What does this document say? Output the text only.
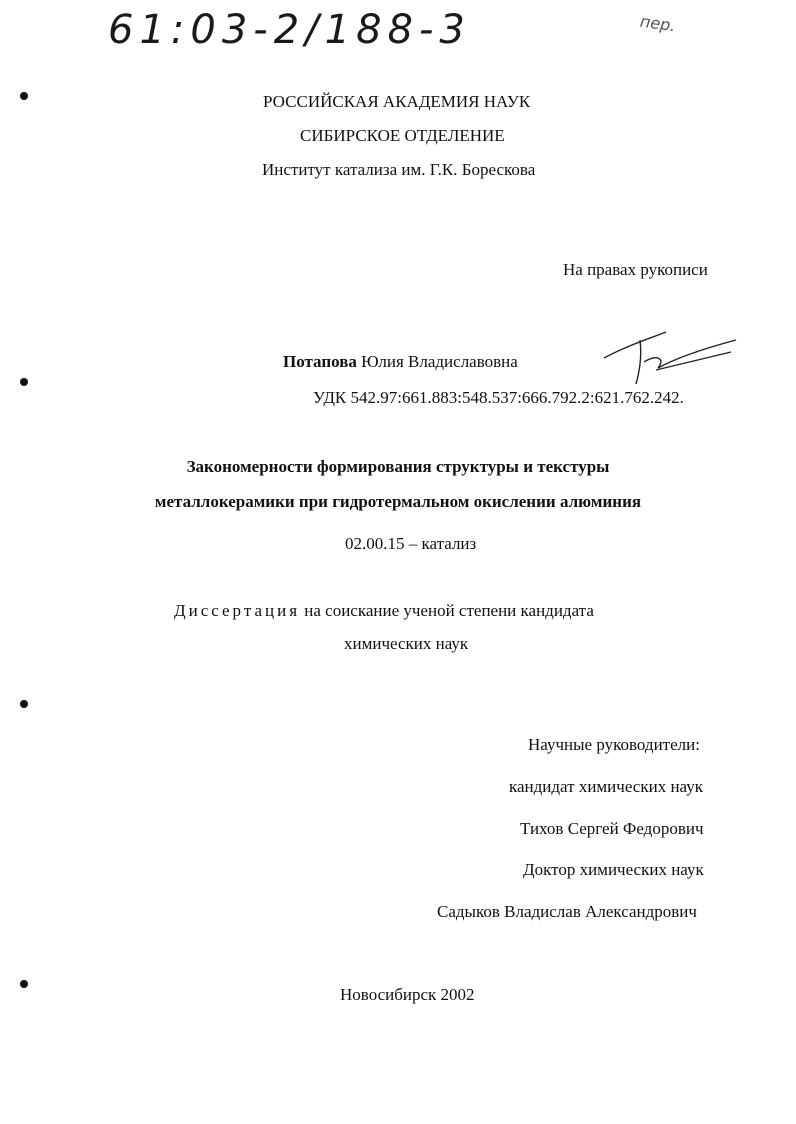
61:03-2/188-3	пер.
РОССИЙСКАЯ АКАДЕМИЯ НАУК
СИБИРСКОЕ ОТДЕЛЕНИЕ
Институт катализа им. Г.К. Борескова
На правах рукописи
Потапова Юлия Владиславовна
УДК 542.97:661.883:548.537:666.792.2:621.762.242.
Закономерности формирования структуры и текстуры
металлокерамики при гидротермальном окислении алюминия
02.00.15 – катализ
Диссертация на соискание ученой степени кандидата
химических наук
Научные руководители:
кандидат химических наук
Тихов Сергей Федорович
Доктор химических наук
Садыков Владислав Александрович
Новосибирск 2002
